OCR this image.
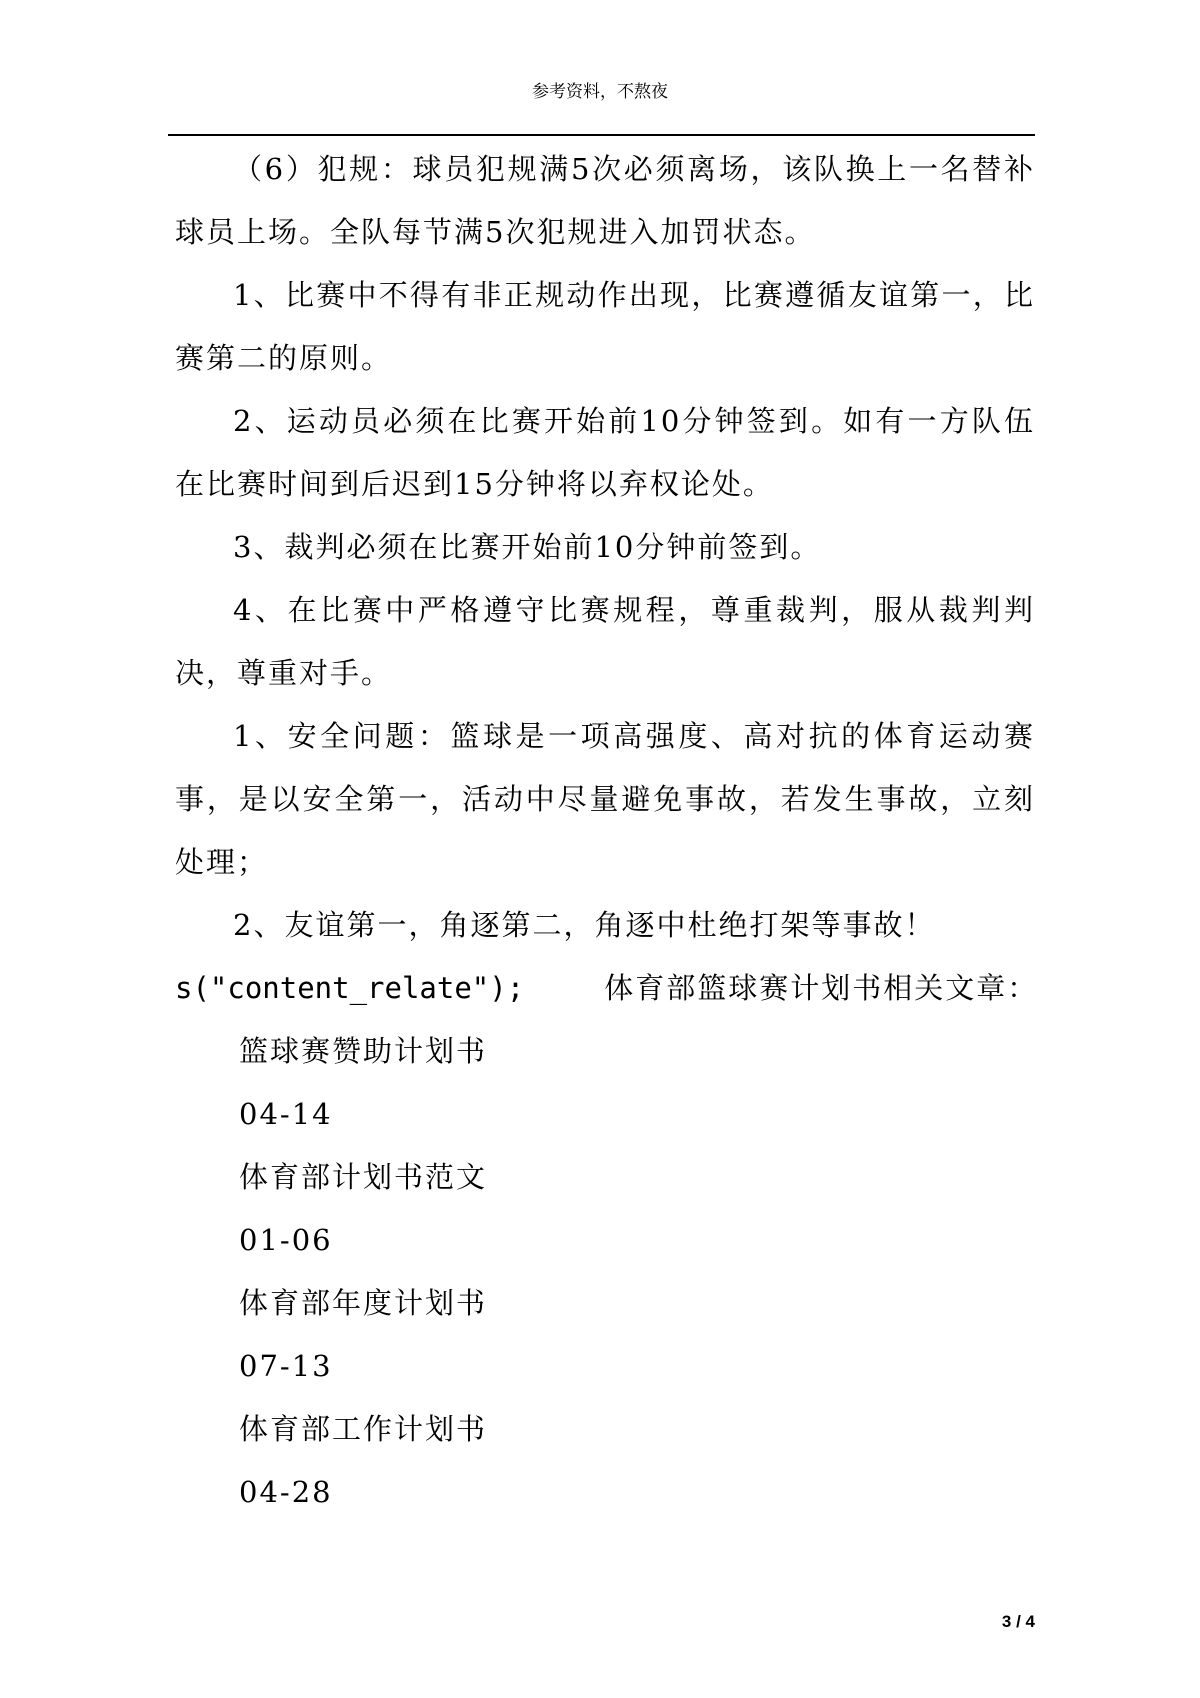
参考资料，不熬夜

（6）犯规：球员犯规满5次必须离场，该队换上一名替补球员上场。全队每节满5次犯规进入加罚状态。

1、比赛中不得有非正规动作出现，比赛遵循友谊第一，比赛第二的原则。

2、运动员必须在比赛开始前10分钟签到。如有一方队伍在比赛时间到后迟到15分钟将以弃权论处。

3、裁判必须在比赛开始前10分钟前签到。

4、在比赛中严格遵守比赛规程，尊重裁判，服从裁判判决，尊重对手。

1、安全问题：篮球是一项高强度、高对抗的体育运动赛事，是以安全第一，活动中尽量避免事故，若发生事故，立刻处理；

2、友谊第一，角逐第二，角逐中杜绝打架等事故！

s("content_relate");	体育部篮球赛计划书相关文章：

篮球赛赞助计划书

04-14

体育部计划书范文

01-06

体育部年度计划书

07-13

体育部工作计划书

04-28

3 / 4
